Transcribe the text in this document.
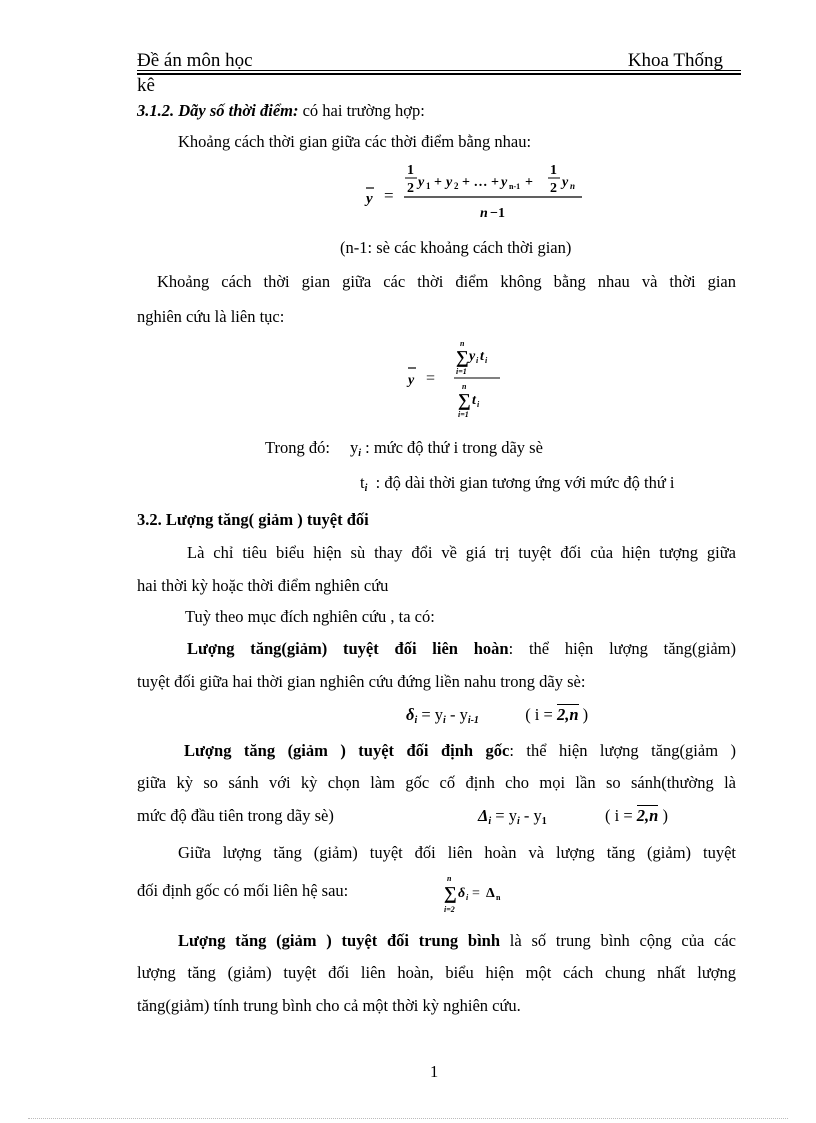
Đề án môn học	Khoa Thống
kê
3.1.2. Dãy số thời điểm: có hai trường hợp:
Khoảng cách thời gian giữa các thời điểm bằng nhau:
y =
1
2 y 1 + y 2 + … + y n-1 +
1
2 y n
n −1
(n-1: sè các khoảng cách thời gian)
Khoảng cách thời gian giữa các thời điểm không bằng nhau và thời gian
nghiên cứu là liên tục:
y =
n
∑
i=1
y i t i
n
∑
i=1
t i
Trong đó: $y_i$ : mức độ thứ i trong dãy sè
$t_i$ : độ dài thời gian tương ứng với mức độ thứ i
3.2. Lượng tăng( giảm ) tuyệt đối
Là chỉ tiêu biểu hiện sù thay đổi về giá trị tuyệt đối của hiện tượng giữa
hai thời kỳ hoặc thời điểm nghiên cứu
Tuỳ theo mục đích nghiên cứu , ta có:
Lượng tăng(giảm) tuyệt đối liên hoàn: thể hiện lượng tăng(giảm)
tuyệt đối giữa hai thời gian nghiên cứu đứng liền nahu trong dãy sè:
$\delta_i = y_i - y_{i-1}$	( i = 2,n )
Lượng tăng (giảm ) tuyệt đối định gốc: thể hiện lượng tăng(giảm )
giữa kỳ so sánh với kỳ chọn làm gốc cố định cho mọi lần so sánh(thường là
mức độ đầu tiên trong dãy sè)	$\Delta_i = y_i - y1$	( i = 2,n )
Giữa lượng tăng (giảm) tuyệt đối liên hoàn và lượng tăng (giảm) tuyệt
đối định gốc có mối liên hệ sau:
n
∑
i=2
δ i = Δ n
Lượng tăng (giảm ) tuyệt đối trung bình là số trung bình cộng của các
lượng tăng (giảm) tuyệt đối liên hoàn, biểu hiện một cách chung nhất lượng
tăng(giảm) tính trung bình cho cả một thời kỳ nghiên cứu.
1
